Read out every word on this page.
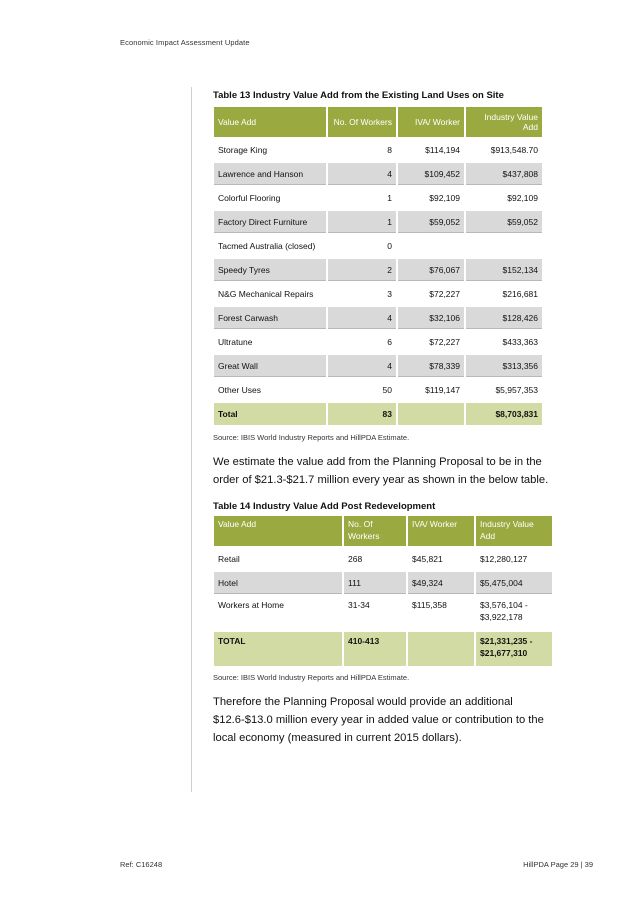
Economic Impact Assessment Update
Table 13 Industry Value Add from the Existing Land Uses on Site
Value Add	No. Of Workers	IVA/ Worker	Industry Value Add
Storage King	8	$114,194	$913,548.70
Lawrence and Hanson	4	$109,452	$437,808
Colorful Flooring	1	$92,109	$92,109
Factory Direct Furniture	1	$59,052	$59,052
Tacmed Australia (closed)	0		
Speedy Tyres	2	$76,067	$152,134
N&G Mechanical Repairs	3	$72,227	$216,681
Forest Carwash	4	$32,106	$128,426
Ultratune	6	$72,227	$433,363
Great Wall	4	$78,339	$313,356
Other Uses	50	$119,147	$5,957,353
Total	83		$8,703,831
Source: IBIS World Industry Reports and HillPDA Estimate.

We estimate the value add from the Planning Proposal to be in the order of $21.3-$21.7 million every year as shown in the below table.

Table 14 Industry Value Add Post Redevelopment
Value Add	No. Of Workers	IVA/ Worker	Industry Value Add
Retail	268	$45,821	$12,280,127
Hotel	111	$49,324	$5,475,004
Workers at Home	31-34	$115,358	$3,576,104 - $3,922,178
TOTAL	410-413		$21,331,235 - $21,677,310
Source: IBIS World Industry Reports and HillPDA Estimate.

Therefore the Planning Proposal would provide an additional $12.6-$13.0 million every year in added value or contribution to the local economy (measured in current 2015 dollars).

Ref: C16248	HillPDA Page 29 | 39
